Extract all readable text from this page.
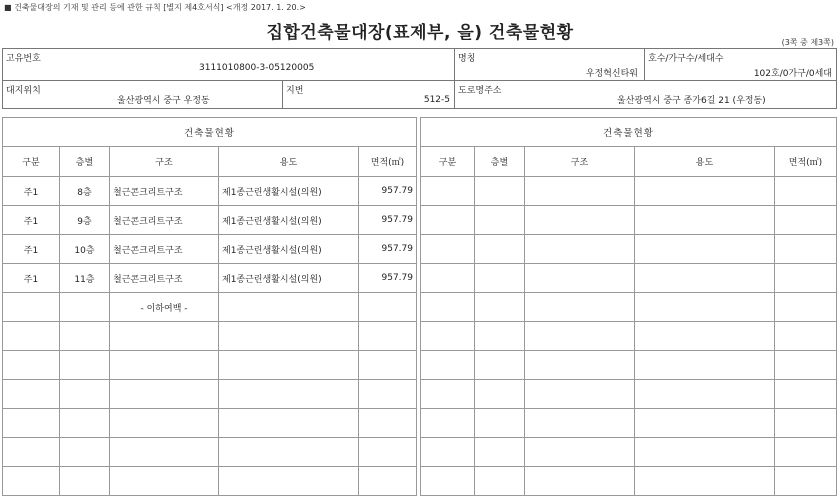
■ 건축물대장의 기재 및 관리 등에 관한 규칙 [별지 제4호서식] <개정 2017. 1. 20.>
집합건축물대장(표제부, 을) 건축물현황	(3쪽 중 제3쪽)
고유번호
3111010800-3-05120005		명칭
우정혁신타워	호수/가구수/세대수
102호/0가구/0세대

대지위치
울산광역시 중구 우정동	지번
512-5	도로명주소
울산광역시 중구 종가6길 21 (우정동)	
건축물현황						건축물현황				
구분	층별	구조	용도	면적(㎡)		구분	층별	구조	용도	면적(㎡)
주1	8층	철근콘크리트구조	제1종근린생활시설(의원)	957.79						
주1	9층	철근콘크리트구조	제1종근린생활시설(의원)	957.79						
주1	10층	철근콘크리트구조	제1종근린생활시설(의원)	957.79						
주1	11층	철근콘크리트구조	제1종근린생활시설(의원)	957.79						
		- 이하여백 -								
